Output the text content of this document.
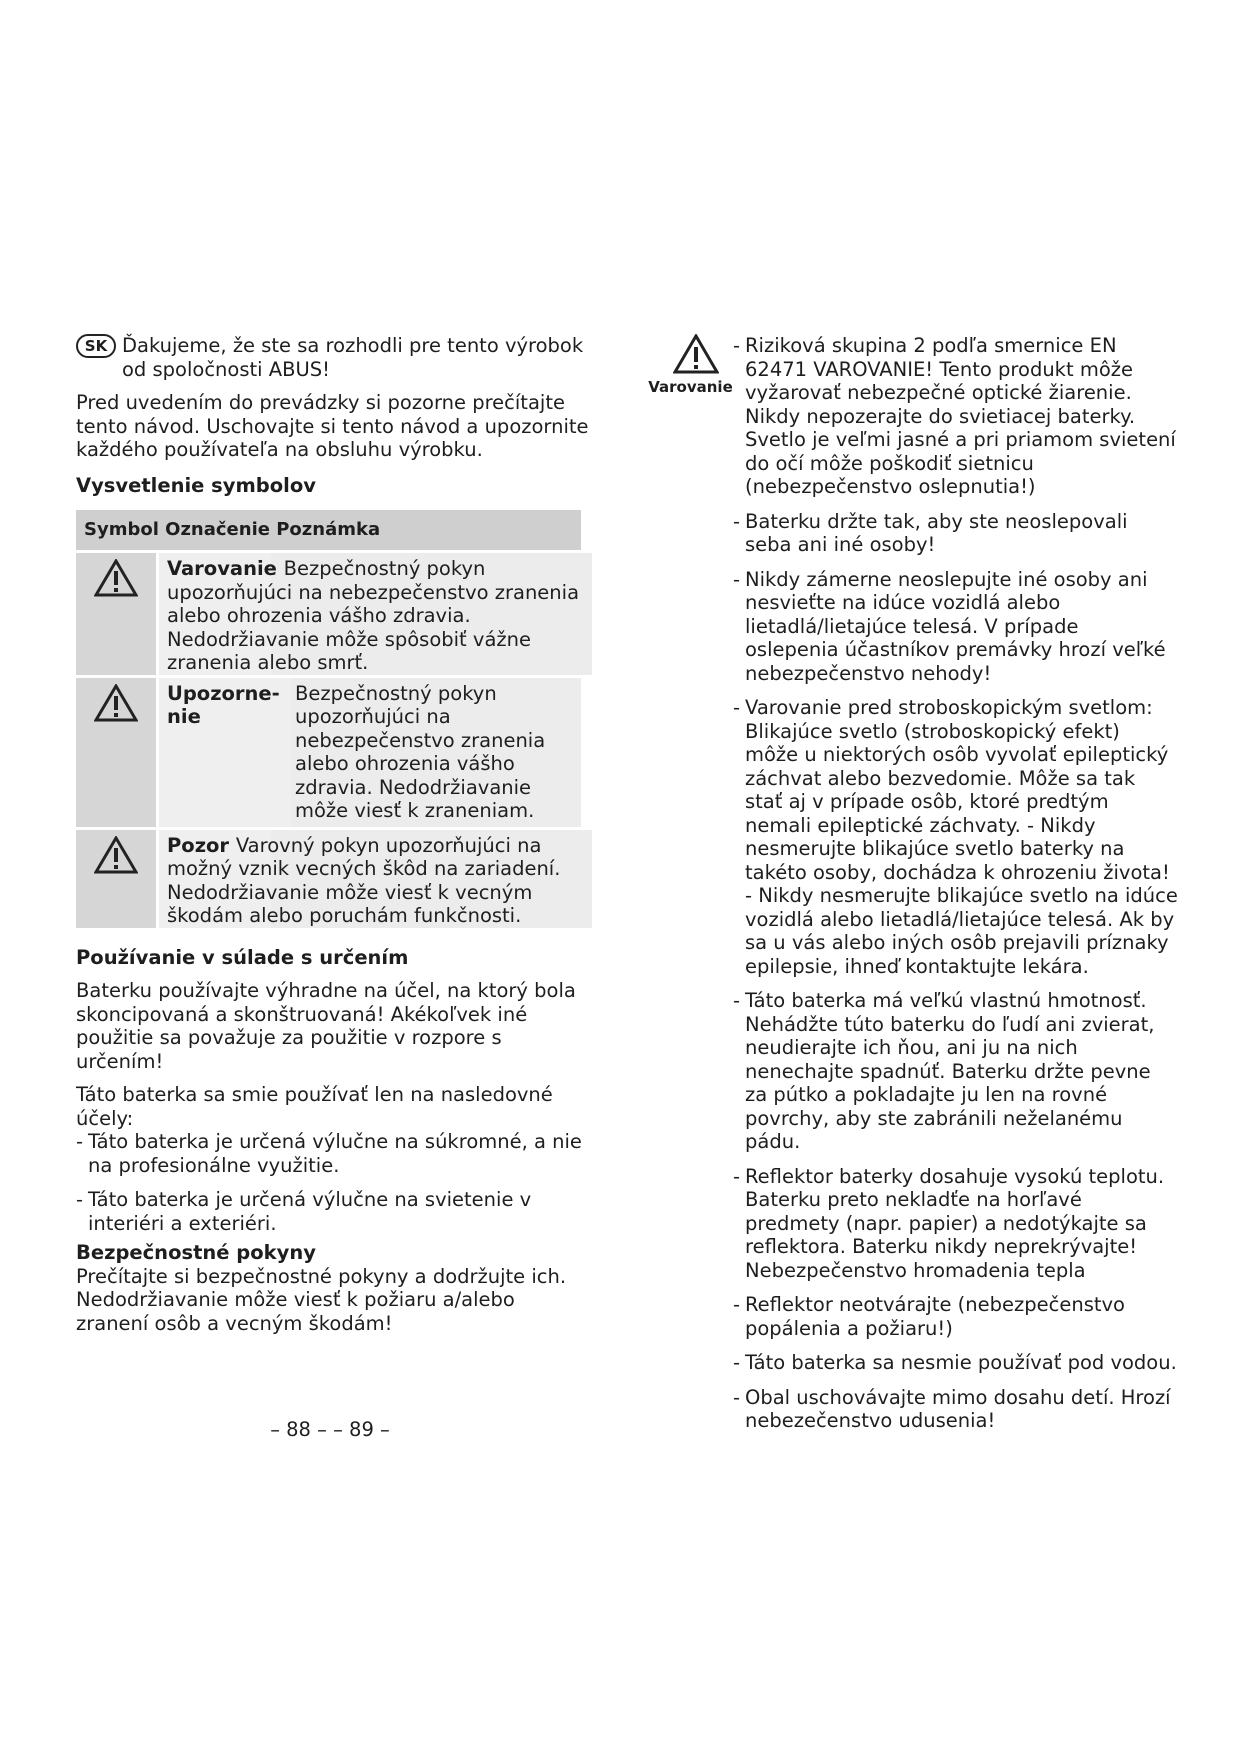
SK Ďakujeme, že ste sa rozhodli pre tento výrobok od spoločnosti ABUS!

Pred uvedením do prevádzky si pozorne prečítajte tento návod. Uschovajte si tento návod a upozornite každého používateľa na obsluhu výrobku.

Vysvetlenie symbolov

Symbol Označenie Poznámka
Varovanie Bezpečnostný pokyn upozorňujúci na nebezpečenstvo zranenia alebo ohrozenia vášho zdravia. Nedodržiavanie môže spôsobiť vážne zranenia alebo smrť.
Upozorne-nie
Bezpečnostný pokyn upozorňujúci na nebezpečenstvo zranenia alebo ohrozenia vášho zdravia. Nedodržiavanie môže viesť k zraneniam.
Pozor Varovný pokyn upozorňujúci na možný vznik vecných škôd na zariadení. Nedodržiavanie môže viesť k vecným škodám alebo poruchám funkčnosti.

Používanie v súlade s určením

Baterku používajte výhradne na účel, na ktorý bola skoncipovaná a skonštruovaná! Akékoľvek iné použitie sa považuje za použitie v rozpore s určením!

Táto baterka sa smie používať len na nasledovné účely:

- Táto baterka je určená výlučne na súkromné, a nie na profesionálne využitie.
- Táto baterka je určená výlučne na svietenie v interiéri a exteriéri.

Bezpečnostné pokyny

Prečítajte si bezpečnostné pokyny a dodržujte ich. Nedodržiavanie môže viesť k požiaru a/alebo zranení osôb a vecným škodám!

Varovanie
- Riziková skupina 2 podľa smernice EN 62471 VAROVANIE! Tento produkt môže vyžarovať nebezpečné optické žiarenie. Nikdy nepozerajte do svietiacej baterky. Svetlo je veľmi jasné a pri priamom svietení do očí môže poškodiť sietnicu (nebezpečenstvo oslepnutia!)
- Baterku držte tak, aby ste neoslepovali seba ani iné osoby!
- Nikdy zámerne neoslepujte iné osoby ani nesvieťte na idúce vozidlá alebo lietadlá/lietajúce telesá. V prípade oslepenia účastníkov premávky hrozí veľké nebezpečenstvo nehody!
- Varovanie pred stroboskopickým svetlom: Blikajúce svetlo (stroboskopický efekt) môže u niektorých osôb vyvolať epileptický záchvat alebo bezvedomie. Môže sa tak stať aj v prípade osôb, ktoré predtým nemali epileptické záchvaty. - Nikdy nesmerujte blikajúce svetlo baterky na takéto osoby, dochádza k ohrozeniu života! - Nikdy nesmerujte blikajúce svetlo na idúce vozidlá alebo lietadlá/lietajúce telesá. Ak by sa u vás alebo iných osôb prejavili príznaky epilepsie, ihneď kontaktujte lekára.
- Táto baterka má veľkú vlastnú hmotnosť. Nehádžte túto baterku do ľudí ani zvierat, neudierajte ich ňou, ani ju na nich nenechajte spadnúť. Baterku držte pevne za pútko a pokladajte ju len na rovné povrchy, aby ste zabránili neželanému pádu.
- Reflektor baterky dosahuje vysokú teplotu. Baterku preto nekladťe na horľavé predmety (napr. papier) a nedotýkajte sa reflektora. Baterku nikdy neprekrývajte! Nebezpečenstvo hromadenia tepla
- Reflektor neotvárajte (nebezpečenstvo popálenia a požiaru!)
- Táto baterka sa nesmie používať pod vodou.
- Obal uschovávajte mimo dosahu detí. Hrozí nebezečenstvo udusenia!
– 88 – – 89 –
